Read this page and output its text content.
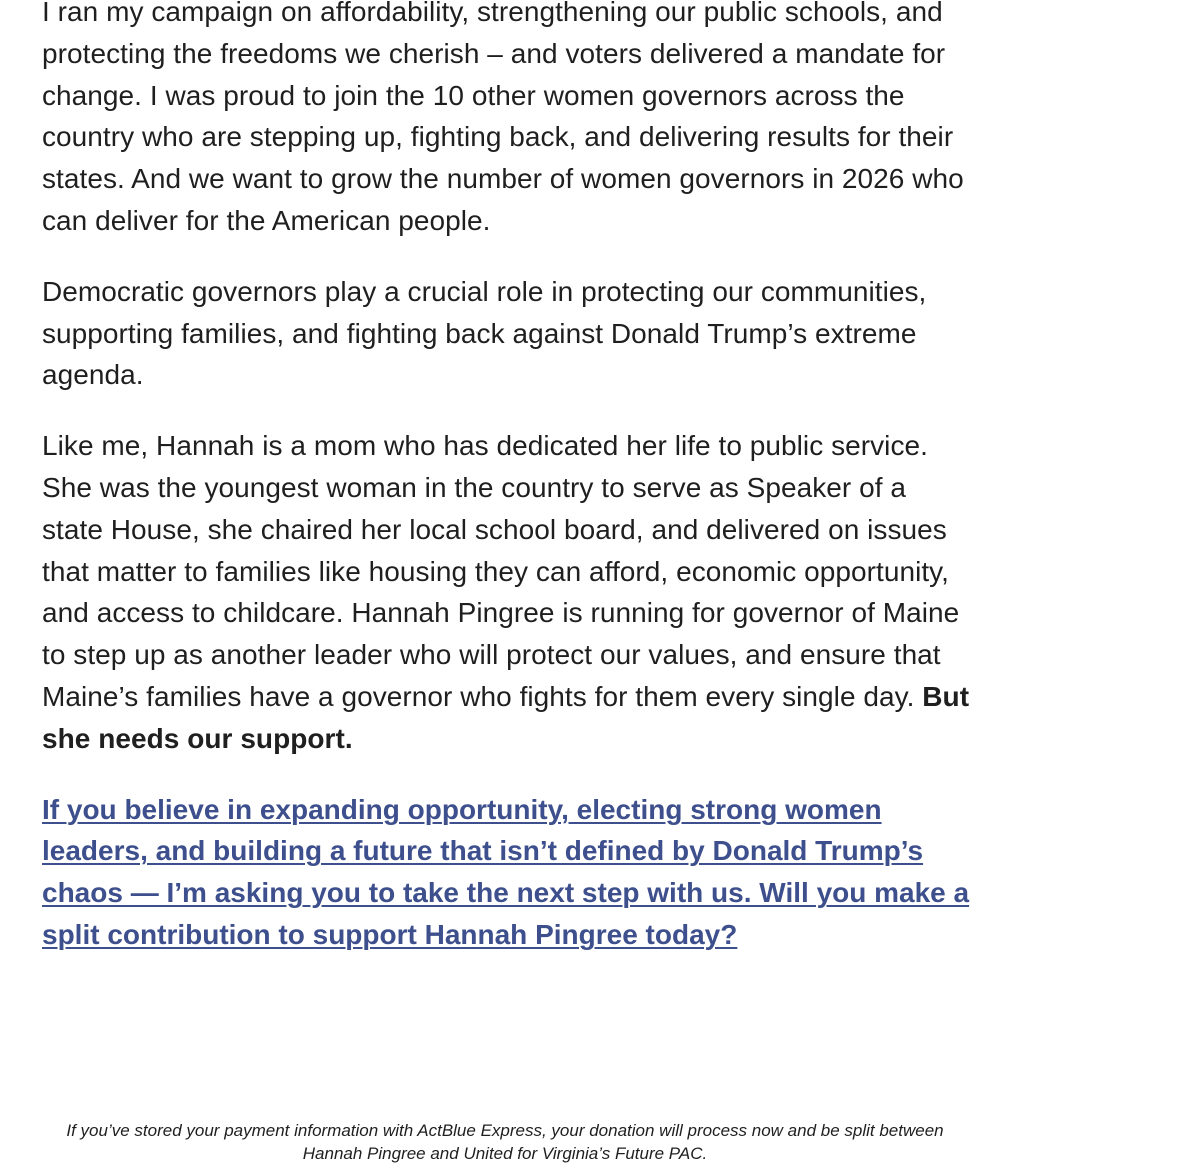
I ran my campaign on affordability, strengthening our public schools, and protecting the freedoms we cherish – and voters delivered a mandate for change. I was proud to join the 10 other women governors across the country who are stepping up, fighting back, and delivering results for their states. And we want to grow the number of women governors in 2026 who can deliver for the American people.

Democratic governors play a crucial role in protecting our communities, supporting families, and fighting back against Donald Trump’s extreme agenda.

Like me, Hannah is a mom who has dedicated her life to public service. She was the youngest woman in the country to serve as Speaker of a state House, she chaired her local school board, and delivered on issues that matter to families like housing they can afford, economic opportunity, and access to childcare. Hannah Pingree is running for governor of Maine to step up as another leader who will protect our values, and ensure that Maine’s families have a governor who fights for them every single day. But she needs our support.

If you believe in expanding opportunity, electing strong women leaders, and building a future that isn’t defined by Donald Trump’s chaos — I’m asking you to take the next step with us. Will you make a split contribution to support Hannah Pingree today?

If you’ve stored your payment information with ActBlue Express, your donation will process now and be split between Hannah Pingree and United for Virginia’s Future PAC.
